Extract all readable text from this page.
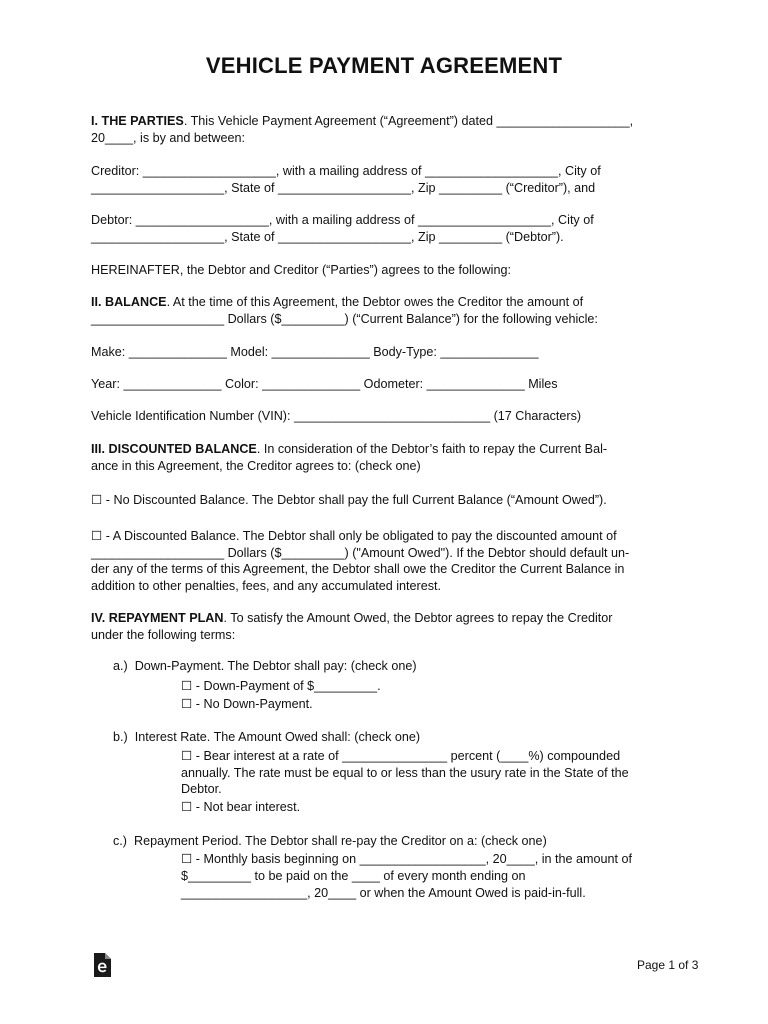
VEHICLE PAYMENT AGREEMENT

I. THE PARTIES. This Vehicle Payment Agreement (“Agreement”) dated ___________________,

20____, is by and between:

Creditor: ___________________, with a mailing address of ___________________, City of

___________________, State of ___________________, Zip _________ (“Creditor”), and

Debtor: ___________________, with a mailing address of ___________________, City of

___________________, State of ___________________, Zip _________ (“Debtor”).

HEREINAFTER, the Debtor and Creditor (“Parties”) agrees to the following:

II. BALANCE. At the time of this Agreement, the Debtor owes the Creditor the amount of

___________________ Dollars ($_________) (“Current Balance”) for the following vehicle:

Make: ______________ Model: ______________ Body-Type: ______________

Year: ______________ Color: ______________ Odometer: ______________ Miles

Vehicle Identification Number (VIN): ____________________________ (17 Characters)

III. DISCOUNTED BALANCE. In consideration of the Debtor’s faith to repay the Current Bal-

ance in this Agreement, the Creditor agrees to: (check one)

☐ - No Discounted Balance. The Debtor shall pay the full Current Balance (“Amount Owed”).

☐ - A Discounted Balance. The Debtor shall only be obligated to pay the discounted amount of

___________________ Dollars ($_________) ("Amount Owed"). If the Debtor should default un-

der any of the terms of this Agreement, the Debtor shall owe the Creditor the Current Balance in

addition to other penalties, fees, and any accumulated interest.

IV. REPAYMENT PLAN. To satisfy the Amount Owed, the Debtor agrees to repay the Creditor

under the following terms:

a.)  Down-Payment. The Debtor shall pay: (check one)

☐ - Down-Payment of $_________.

☐ - No Down-Payment.

b.)  Interest Rate. The Amount Owed shall: (check one)

☐ - Bear interest at a rate of _______________ percent (____%) compounded

annually. The rate must be equal to or less than the usury rate in the State of the

Debtor.

☐ - Not bear interest.

c.)  Repayment Period. The Debtor shall re-pay the Creditor on a: (check one)

☐ - Monthly basis beginning on __________________, 20____, in the amount of

$_________ to be paid on the ____ of every month ending on

__________________, 20____ or when the Amount Owed is paid-in-full.

Page 1 of 3
